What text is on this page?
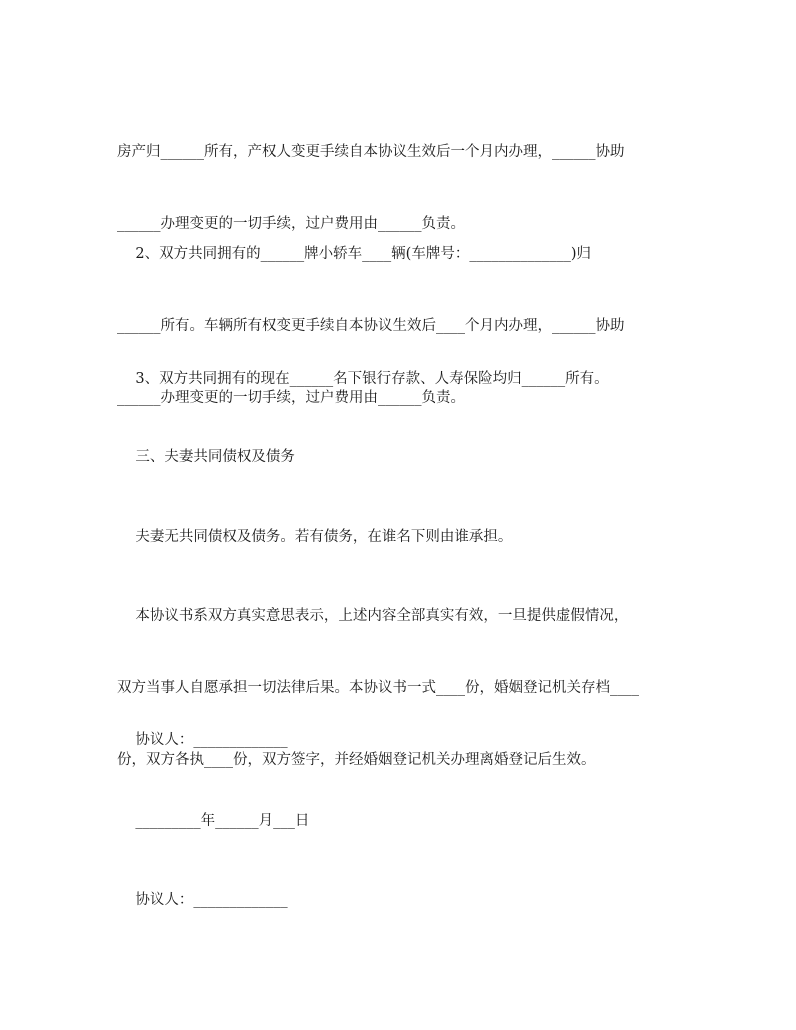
房产归______所有，产权人变更手续自本协议生效后一个月内办理，______协助

______办理变更的一切手续，过户费用由______负责。

2、双方共同拥有的______牌小轿车____辆(车牌号：______________)归

______所有。车辆所有权变更手续自本协议生效后____个月内办理，______协助

______办理变更的一切手续，过户费用由______负责。

3、双方共同拥有的现在______名下银行存款、人寿保险均归______所有。

三、夫妻共同债权及债务

夫妻无共同债权及债务。若有债务，在谁名下则由谁承担。

本协议书系双方真实意思表示，上述内容全部真实有效，一旦提供虚假情况，

双方当事人自愿承担一切法律后果。本协议书一式____份，婚姻登记机关存档____

份，双方各执____份，双方签字，并经婚姻登记机关办理离婚登记后生效。

协议人：_____________

_________年______月___日

协议人：_____________
